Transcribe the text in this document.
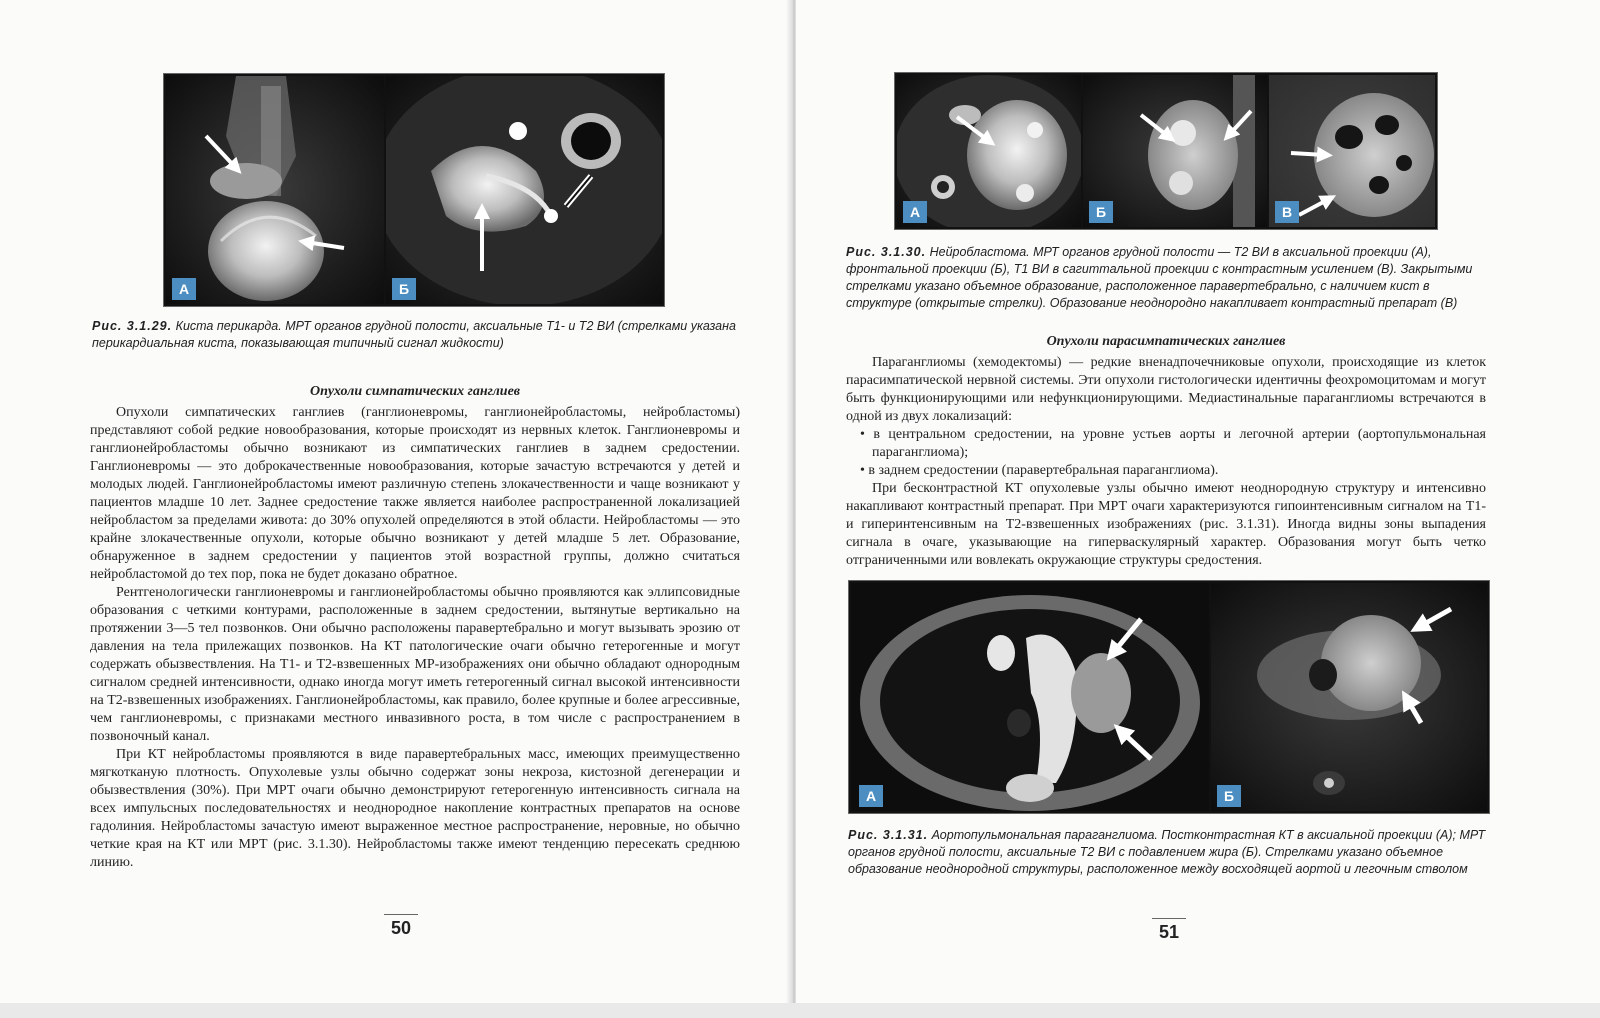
А	Б

Рис. 3.1.29. Киста перикарда. МРТ органов грудной полости, аксиальные Т1- и Т2 ВИ (стрелками указана перикардиальная киста, показывающая типичный сигнал жидкости)

Опухоли симпатических ганглиев

Опухоли симпатических ганглиев (ганглионевромы, ганглионейробластомы, нейробластомы) представляют собой редкие новообразования, которые происходят из нервных клеток. Ганглионевромы и ганглионейробластомы обычно возникают из симпатических ганглиев в заднем средостении. Ганглионевромы — это доброкачественные новообразования, которые зачастую встречаются у детей и молодых людей. Ганглионейробластомы имеют различную степень злокачественности и чаще возникают у пациентов младше 10 лет. Заднее средостение также является наиболее распространенной локализацией нейробластом за пределами живота: до 30% опухолей определяются в этой области. Нейробластомы — это крайне злокачественные опухоли, которые обычно возникают у детей младше 5 лет. Образование, обнаруженное в заднем средостении у пациентов этой возрастной группы, должно считаться нейробластомой до тех пор, пока не будет доказано обратное.

Рентгенологически ганглионевромы и ганглионейробластомы обычно проявляются как эллипсовидные образования с четкими контурами, расположенные в заднем средостении, вытянутые вертикально на протяжении 3—5 тел позвонков. Они обычно расположены паравертебрально и могут вызывать эрозию от давления на тела прилежащих позвонков. На КТ патологические очаги обычно гетерогенные и могут содержать обызвествления. На Т1- и Т2-взвешенных МР-изображениях они обычно обладают однородным сигналом средней интенсивности, однако иногда могут иметь гетерогенный сигнал высокой интенсивности на Т2-взвешенных изображениях. Ганглионейробластомы, как правило, более крупные и более агрессивные, чем ганглионевромы, с признаками местного инвазивного роста, в том числе с распространением в позвоночный канал.

При КТ нейробластомы проявляются в виде паравертебральных масс, имеющих преимущественно мягкотканую плотность. Опухолевые узлы обычно содержат зоны некроза, кистозной дегенерации и обызвествления (30%). При МРТ очаги обычно демонстрируют гетерогенную интенсивность сигнала на всех импульсных последовательностях и неоднородное накопление контрастных препаратов на основе гадолиния. Нейробластомы зачастую имеют выраженное местное распространение, неровные, но обычно четкие края на КТ или МРТ (рис. 3.1.30). Нейробластомы также имеют тенденцию пересекать среднюю линию.

50
А	Б	В

Рис. 3.1.30. Нейробластома. МРТ органов грудной полости — Т2 ВИ в аксиальной проекции (А), фронтальной проекции (Б), Т1 ВИ в сагиттальной проекции с контрастным усилением (В). Закрытыми стрелками указано объемное образование, расположенное паравертебрально, с наличием кист в структуре (открытые стрелки). Образование неоднородно накапливает контрастный препарат (В)

Опухоли парасимпатических ганглиев

Параганглиомы (хемодектомы) — редкие вненадпочечниковые опухоли, происходящие из клеток парасимпатической нервной системы. Эти опухоли гистологически идентичны феохромоцитомам и могут быть функционирующими или нефункционирующими. Медиастинальные параганглиомы встречаются в одной из двух локализаций:

• в центральном средостении, на уровне устьев аорты и легочной артерии (аортопульмональная параганглиома);
• в заднем средостении (паравертебральная параганглиома).

При бесконтрастной КТ опухолевые узлы обычно имеют неоднородную структуру и интенсивно накапливают контрастный препарат. При МРТ очаги характеризуются гипоинтенсивным сигналом на Т1- и гиперинтенсивным на Т2-взвешенных изображениях (рис. 3.1.31). Иногда видны зоны выпадения сигнала в очаге, указывающие на гиперваскулярный характер. Образования могут быть четко отграниченными или вовлекать окружающие структуры средостения.

А	Б

Рис. 3.1.31. Аортопульмональная параганглиома. Постконтрастная КТ в аксиальной проекции (А); МРТ органов грудной полости, аксиальные Т2 ВИ с подавлением жира (Б). Стрелками указано объемное образование неоднородной структуры, расположенное между восходящей аортой и легочным стволом

51
